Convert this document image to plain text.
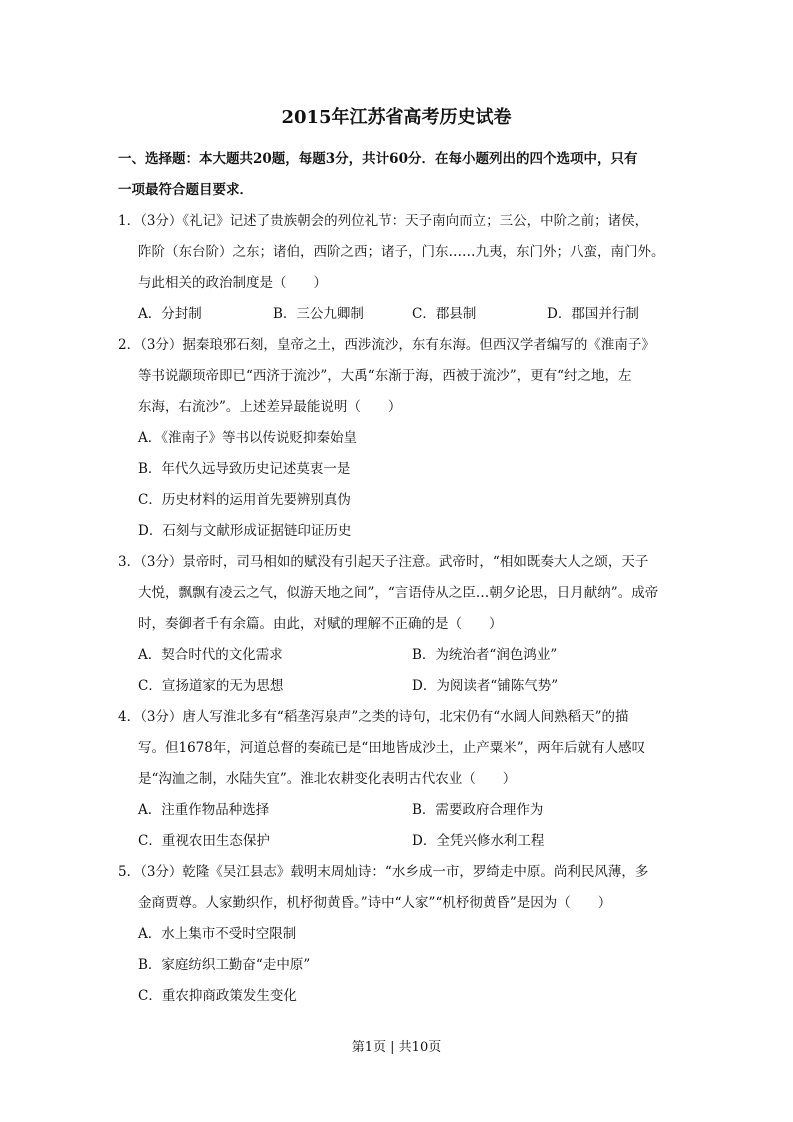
2015年江苏省高考历史试卷
一、选择题：本大题共20题，每题3分，共计60分．在每小题列出的四个选项中，只有
一项最符合题目要求．
1．（3分）《礼记》记述了贵族朝会的列位礼节：天子南向而立；三公，中阶之前；诸侯，
阼阶（东台阶）之东；诸伯，西阶之西；诸子，门东……九夷，东门外；八蛮，南门外。
与此相关的政治制度是（　　）
A．分封制	B．三公九卿制	C．郡县制	D．郡国并行制
2．（3分）据秦琅邪石刻，皇帝之土，西涉流沙，东有东海。但西汉学者编写的《淮南子》
等书说颛顼帝即已“西济于流沙”，大禹“东渐于海，西被于流沙”，更有“纣之地，左
东海，右流沙”。上述差异最能说明（　　）
A．《淮南子》等书以传说贬抑秦始皇
B．年代久远导致历史记述莫衷一是
C．历史材料的运用首先要辨别真伪
D．石刻与文献形成证据链印证历史
3．（3分）景帝时，司马相如的赋没有引起天子注意。武帝时，“相如既奏大人之颂，天子
大悦，飘飘有凌云之气，似游天地之间”，“言语侍从之臣…朝夕论思，日月献纳”。成帝
时，奏御者千有余篇。由此，对赋的理解不正确的是（　　）
A．契合时代的文化需求	B．为统治者“润色鸿业”
C．宣扬道家的无为思想	D．为阅读者“铺陈气势”
4．（3分）唐人写淮北多有“稻垄泻泉声”之类的诗句，北宋仍有“水阔人间熟稻天”的描
写。但1678年，河道总督的奏疏已是“田地皆成沙土，止产粟米”，两年后就有人感叹
是“沟洫之制，水陆失宜”。淮北农耕变化表明古代农业（　　）
A．注重作物品种选择	B．需要政府合理作为
C．重视农田生态保护	D．全凭兴修水利工程
5．（3分）乾隆《吴江县志》载明末周灿诗：“水乡成一市，罗绮走中原。尚利民风薄，多
金商贾尊。人家勤织作，机杼彻黄昏。”诗中“人家”“机杼彻黄昏”是因为（　　）
A．水上集市不受时空限制
B．家庭纺织工勤奋“走中原”
C．重农抑商政策发生变化
第1页 | 共10页
